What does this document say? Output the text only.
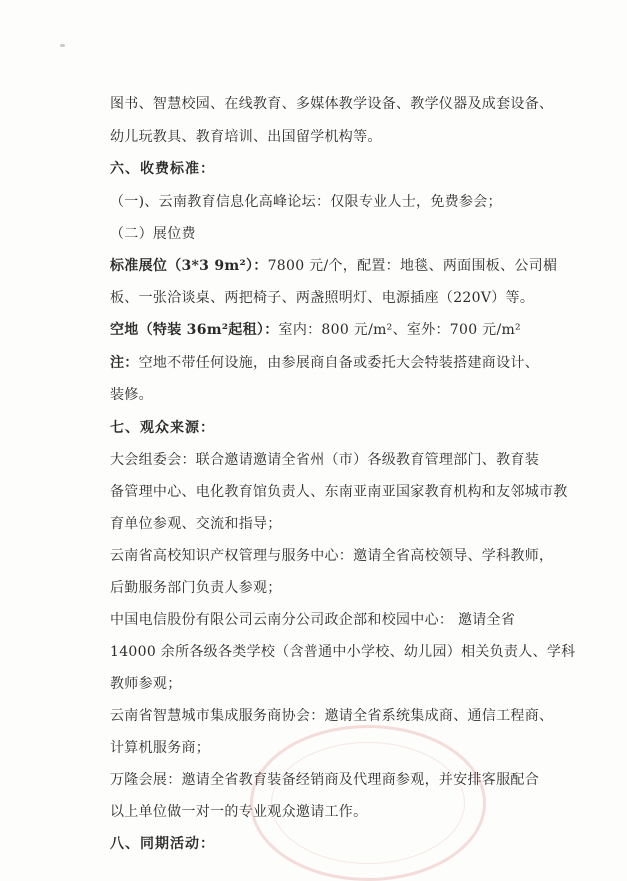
图书、智慧校园、在线教育、多媒体教学设备、教学仪器及成套设备、
幼儿玩教具、教育培训、出国留学机构等。
六、收费标准：
（一)、云南教育信息化高峰论坛：仅限专业人士，免费参会；
（二）展位费
标准展位（3*3 9m²）：7800 元/个，配置：地毯、两面围板、公司楣
板、一张洽谈桌、两把椅子、两盏照明灯、电源插座（220V）等。
空地（特装 36m²起租）：室内：800 元/m²、室外：700 元/m²
注：空地不带任何设施，由参展商自备或委托大会特装搭建商设计、
装修。
七、观众来源：
大会组委会：联合邀请邀请全省州（市）各级教育管理部门、教育装
备管理中心、电化教育馆负责人、东南亚南亚国家教育机构和友邻城市教
育单位参观、交流和指导；
云南省高校知识产权管理与服务中心：邀请全省高校领导、学科教师，
后勤服务部门负责人参观；
中国电信股份有限公司云南分公司政企部和校园中心： 邀请全省
14000 余所各级各类学校（含普通中小学校、幼儿园）相关负责人、学科
教师参观；
云南省智慧城市集成服务商协会：邀请全省系统集成商、通信工程商、
计算机服务商；
万隆会展：邀请全省教育装备经销商及代理商参观，并安排客服配合
以上单位做一对一的专业观众邀请工作。
八、同期活动：
